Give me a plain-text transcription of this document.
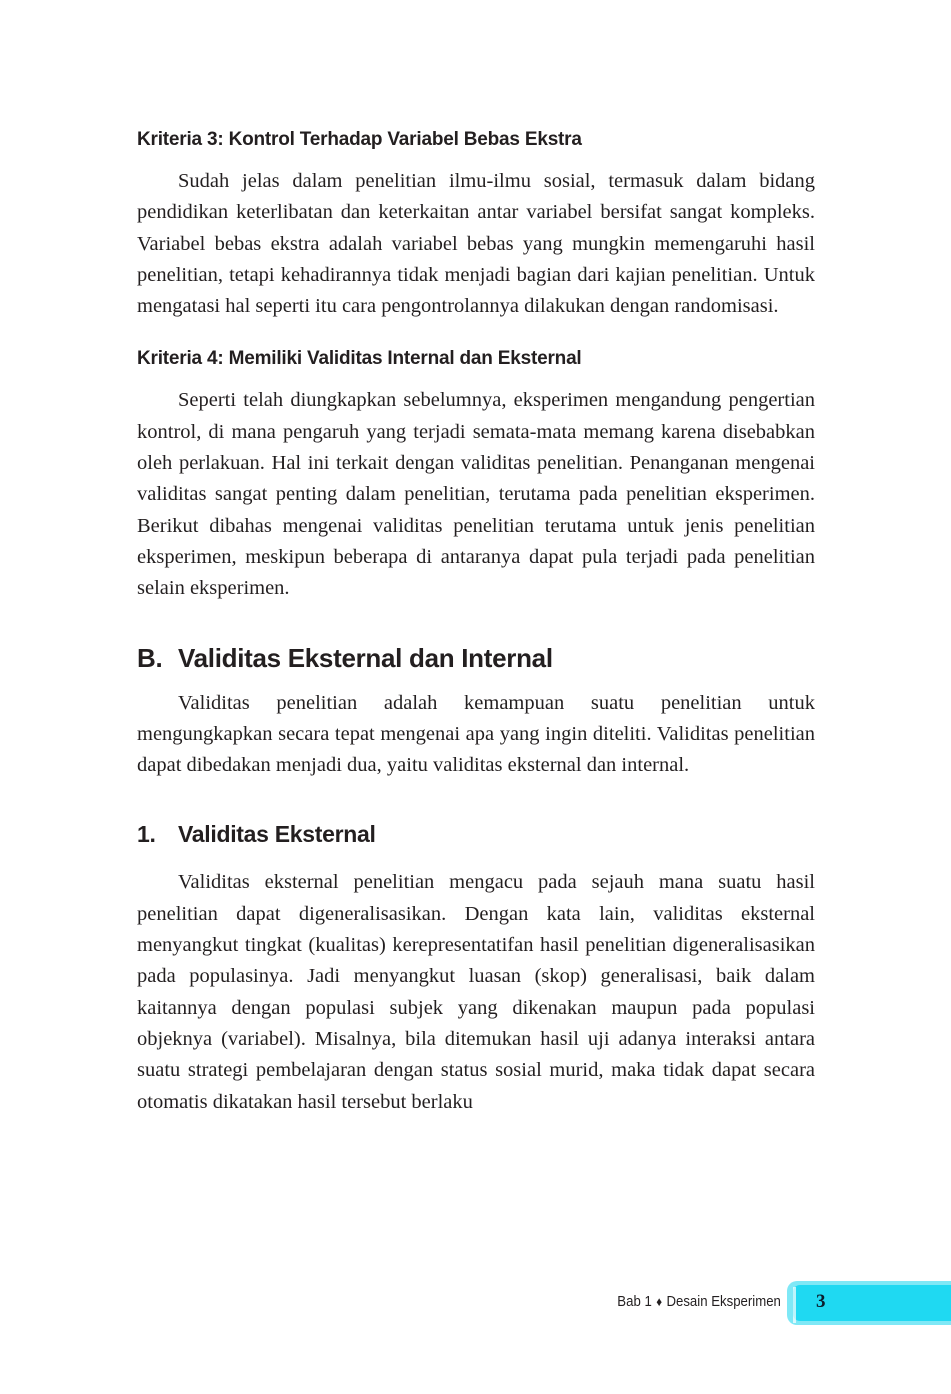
Kriteria 3: Kontrol Terhadap Variabel Bebas Ekstra

Sudah jelas dalam penelitian ilmu-ilmu sosial, termasuk dalam bidang pendidikan keterlibatan dan keterkaitan antar variabel bersifat sangat kompleks. Variabel bebas ekstra adalah variabel bebas yang mungkin memengaruhi hasil penelitian, tetapi kehadirannya tidak menjadi bagian dari kajian penelitian. Untuk mengatasi hal seperti itu cara pengontrolannya dilakukan dengan randomisasi.

Kriteria 4: Memiliki Validitas Internal dan Eksternal

Seperti telah diungkapkan sebelumnya, eksperimen mengandung pengertian kontrol, di mana pengaruh yang terjadi semata-mata memang karena disebabkan oleh perlakuan. Hal ini terkait dengan validitas penelitian. Penanganan mengenai validitas sangat penting dalam penelitian, terutama pada penelitian eksperimen. Berikut dibahas mengenai validitas penelitian terutama untuk jenis penelitian eksperimen, meskipun beberapa di antaranya dapat pula terjadi pada penelitian selain eksperimen.

B. Validitas Eksternal dan Internal

Validitas penelitian adalah kemampuan suatu penelitian untuk mengungkapkan secara tepat mengenai apa yang ingin diteliti. Validitas penelitian dapat dibedakan menjadi dua, yaitu validitas eksternal dan internal.

1. Validitas Eksternal

Validitas eksternal penelitian mengacu pada sejauh mana suatu hasil penelitian dapat digeneralisasikan. Dengan kata lain, validitas eksternal menyangkut tingkat (kualitas) kerepresentatifan hasil penelitian digeneralisasikan pada populasinya. Jadi menyangkut luasan (skop) generalisasi, baik dalam kaitannya dengan populasi subjek yang dikenakan maupun pada populasi objeknya (variabel). Misalnya, bila ditemukan hasil uji adanya interaksi antara suatu strategi pembelajaran dengan status sosial murid, maka tidak dapat secara otomatis dikatakan hasil tersebut berlaku

Bab 1 ♦ Desain Eksperimen 3
